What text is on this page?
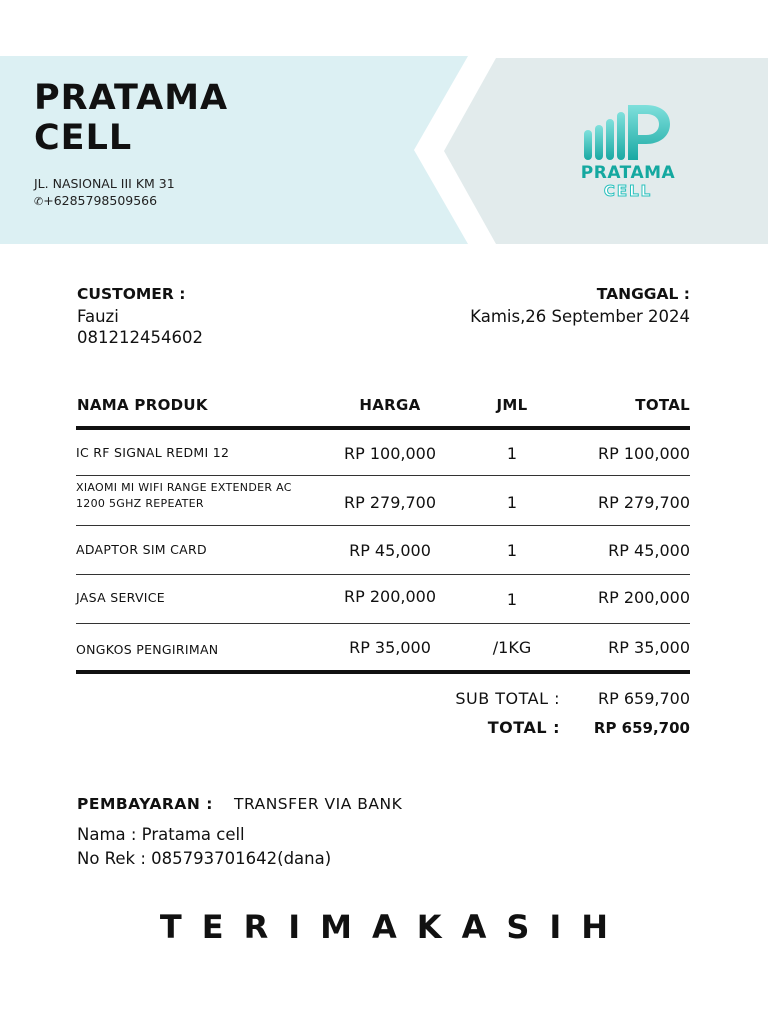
PRATAMA
CELL
JL. NASIONAL III KM 31
✆+6285798509566
PRATAMA
CELL
CUSTOMER :
Fauzi
081212454602
TANGGAL :
Kamis,26 September 2024
NAMA PRODUK	HARGA	JML	TOTAL
IC RF SIGNAL REDMI 12	RP 100,000	1	RP 100,000
XIAOMI MI WIFI RANGE EXTENDER AC 1200 5GHZ REPEATER	RP 279,700	1	RP 279,700
ADAPTOR SIM CARD	RP 45,000	1	RP 45,000
JASA SERVICE	RP 200,000	1	RP 200,000
ONGKOS PENGIRIMAN	RP 35,000	/1KG	RP 35,000
SUB TOTAL : RP 659,700
TOTAL : RP 659,700
PEMBAYARAN : TRANSFER VIA BANK
Nama : Pratama cell
No Rek : 085793701642(dana)
TERIMAKASIH
